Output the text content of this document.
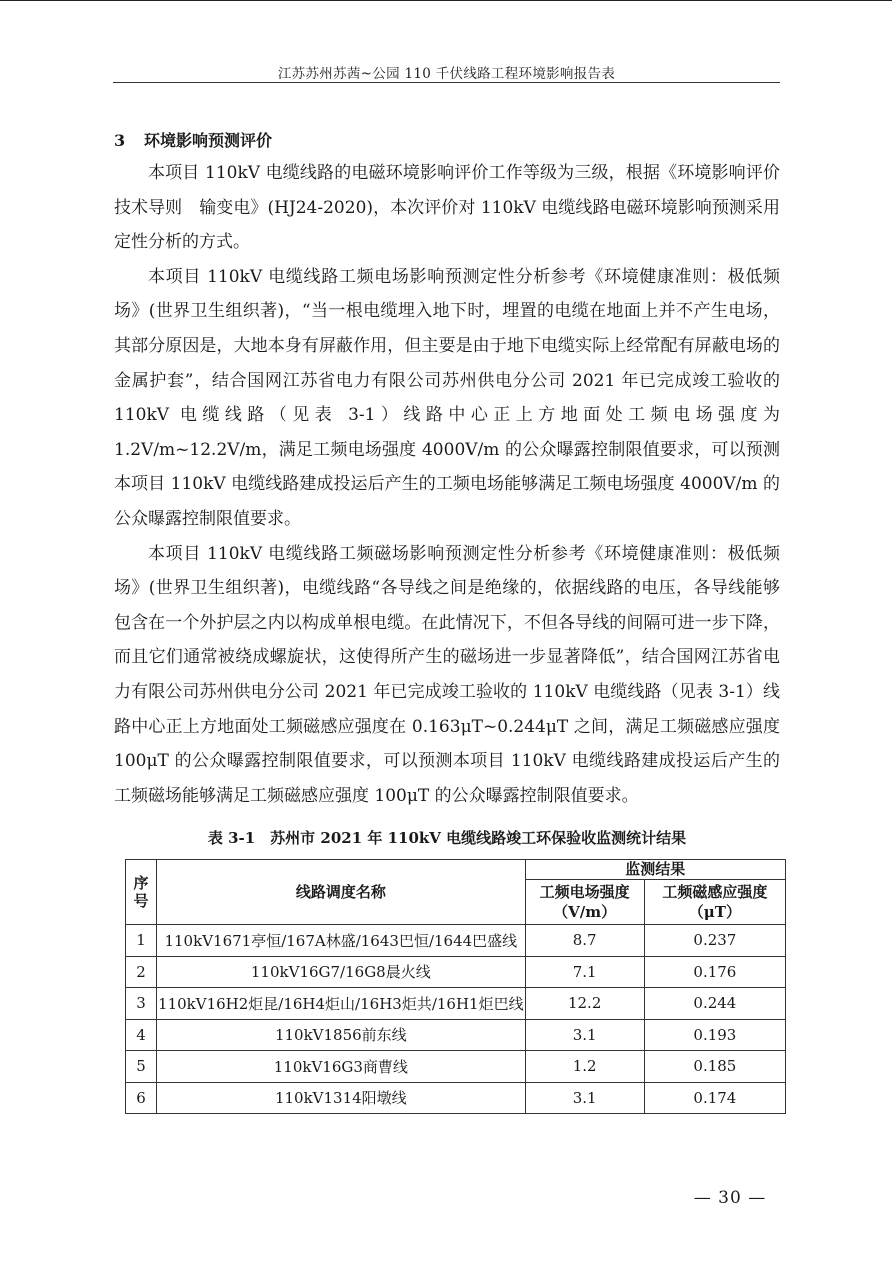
江苏苏州苏茜~公园 110 千伏线路工程环境影响报告表
3 环境影响预测评价

本项目 110kV 电缆线路的电磁环境影响评价工作等级为三级，根据《环境影响评价技术导则　输变电》(HJ24-2020)，本次评价对 110kV 电缆线路电磁环境影响预测采用定性分析的方式。

本项目 110kV 电缆线路工频电场影响预测定性分析参考《环境健康准则：极低频场》(世界卫生组织著)，“当一根电缆埋入地下时，埋置的电缆在地面上并不产生电场，其部分原因是，大地本身有屏蔽作用，但主要是由于地下电缆实际上经常配有屏蔽电场的金属护套”，结合国网江苏省电力有限公司苏州供电分公司 2021 年已完成竣工验收的 110kV 电缆线路（见表 3-1）线路中心正上方地面处工频电场强度为 1.2V/m~12.2V/m，满足工频电场强度 4000V/m 的公众曝露控制限值要求，可以预测本项目 110kV 电缆线路建成投运后产生的工频电场能够满足工频电场强度 4000V/m 的公众曝露控制限值要求。

本项目 110kV 电缆线路工频磁场影响预测定性分析参考《环境健康准则：极低频场》(世界卫生组织著)，电缆线路“各导线之间是绝缘的，依据线路的电压，各导线能够包含在一个外护层之内以构成单根电缆。在此情况下，不但各导线的间隔可进一步下降，而且它们通常被绕成螺旋状，这使得所产生的磁场进一步显著降低”，结合国网江苏省电力有限公司苏州供电分公司 2021 年已完成竣工验收的 110kV 电缆线路（见表 3-1）线路中心正上方地面处工频磁感应强度在 0.163μT~0.244μT 之间，满足工频磁感应强度 100μT 的公众曝露控制限值要求，可以预测本项目 110kV 电缆线路建成投运后产生的工频磁场能够满足工频磁感应强度 100μT 的公众曝露控制限值要求。

表 3-1　苏州市 2021 年 110kV 电缆线路竣工环保验收监测统计结果
序号	线路调度名称	监测结果	
		工频电场强度（V/m）	工频磁感应强度（μT）
1	110kV1671亭恒/167A林盛/1643巴恒/1644巴盛线	8.7	0.237
2	110kV16G7/16G8晨火线	7.1	0.176
3	110kV16H2炬昆/16H4炬山/16H3炬共/16H1炬巴线	12.2	0.244
4	110kV1856前东线	3.1	0.193
5	110kV16G3商曹线	1.2	0.185
6	110kV1314阳墩线	3.1	0.174
— 30 —
